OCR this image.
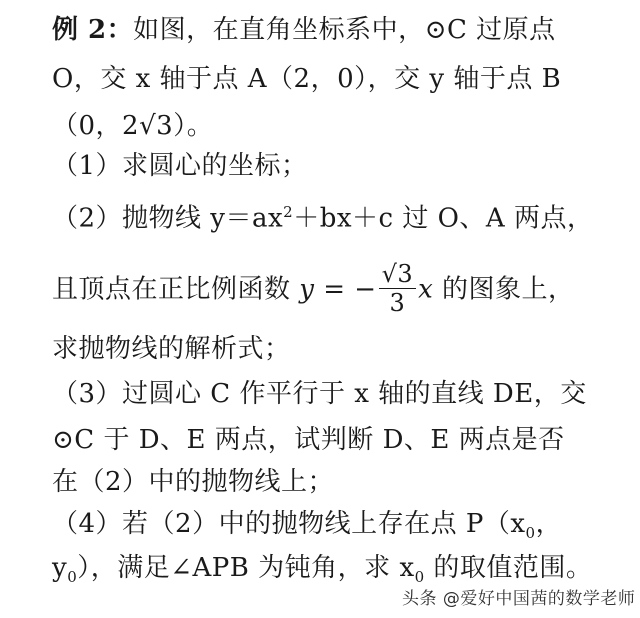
例 2：如图，在直角坐标系中，⊙C 过原点
O，交 x 轴于点 A（2，0），交 y 轴于点 B
（0，2√3）。
（1）求圆心的坐标；
（2）抛物线 $y=ax^2+bx+c$ 过 O、A 两点，
且顶点在正比例函数 y = − $\frac{√3}{3}$ x 的图象上，
求抛物线的解析式；
（3）过圆心 C 作平行于 x 轴的直线 DE，交
⊙C 于 D、E 两点，试判断 D、E 两点是否
在（2）中的抛物线上；
（4）若（2）中的抛物线上存在点 $P(x_0$，
$y_0$），满足∠APB 为钝角，求 $x_0$ 的取值范围。
头条 @爱好中国茜的数学老师
